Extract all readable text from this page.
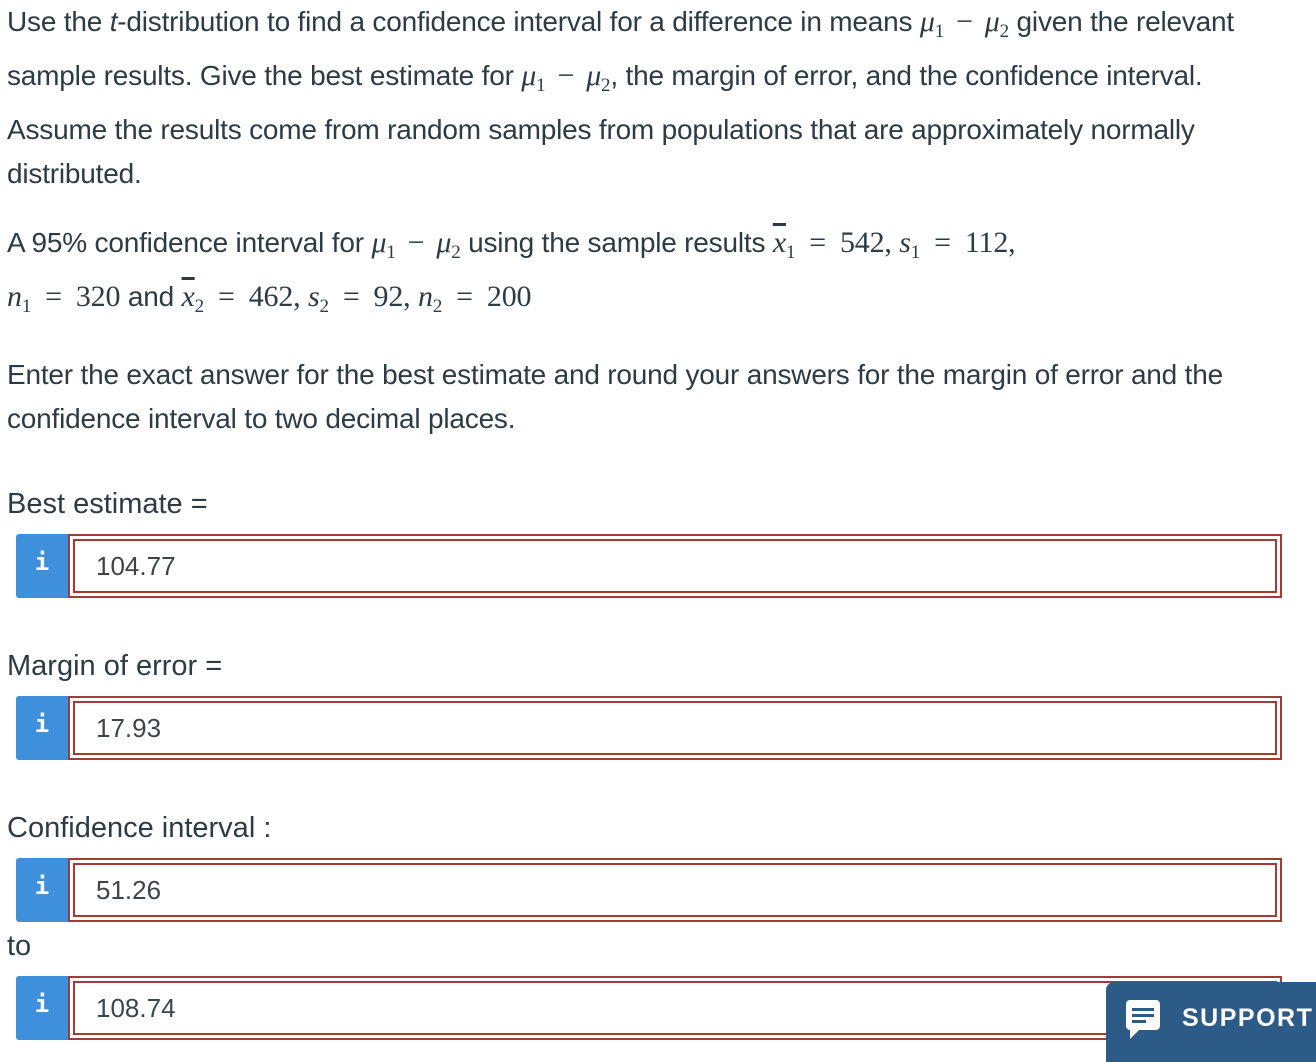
Use the t-distribution to find a confidence interval for a difference in means $\mu_1 - \mu_2$ given the relevant sample results. Give the best estimate for $\mu_1 - \mu_2$, the margin of error, and the confidence interval. Assume the results come from random samples from populations that are approximately normally distributed.
A 95% confidence interval for $\mu_1 - \mu_2$ using the sample results $\overline{x}_1 = 542$, $s_1 = 112$,
$n_1 = 320$ and $\overline{x}_2 = 462$, $s_2 = 92$, $n_2 = 200$
Enter the exact answer for the best estimate and round your answers for the margin of error and the confidence interval to two decimal places.
Best estimate =
i	104.77
Margin of error =
i	17.93
Confidence interval :
i	51.26
to
i	108.74	SUPPORT
